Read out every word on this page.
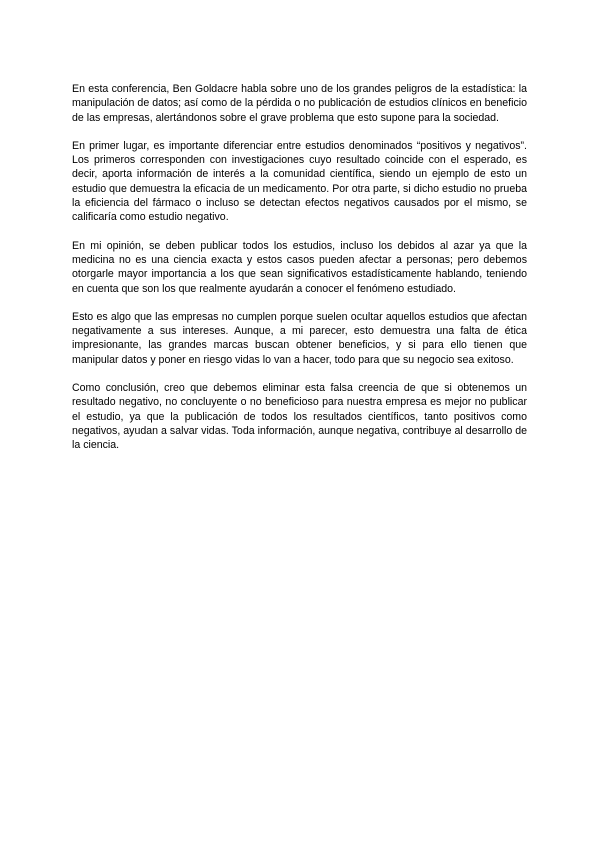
En esta conferencia, Ben Goldacre habla sobre uno de los grandes peligros de la estadística: la manipulación de datos; así como de la pérdida o no publicación de estudios clínicos en beneficio de las empresas, alertándonos sobre el grave problema que esto supone para la sociedad.

En primer lugar, es importante diferenciar entre estudios denominados “positivos y negativos”. Los primeros corresponden con investigaciones cuyo resultado coincide con el esperado, es decir, aporta información de interés a la comunidad científica, siendo un ejemplo de esto un estudio que demuestra la eficacia de un medicamento. Por otra parte, si dicho estudio no prueba la eficiencia del fármaco o incluso se detectan efectos negativos causados por el mismo, se calificaría como estudio negativo.

En mi opinión, se deben publicar todos los estudios, incluso los debidos al azar ya que la medicina no es una ciencia exacta y estos casos pueden afectar a personas; pero debemos otorgarle mayor importancia a los que sean significativos estadísticamente hablando, teniendo en cuenta que son los que realmente ayudarán a conocer el fenómeno estudiado.

Esto es algo que las empresas no cumplen porque suelen ocultar aquellos estudios que afectan negativamente a sus intereses. Aunque, a mi parecer, esto demuestra una falta de ética impresionante, las grandes marcas buscan obtener beneficios, y si para ello tienen que manipular datos y poner en riesgo vidas lo van a hacer, todo para que su negocio sea exitoso.

Como conclusión, creo que debemos eliminar esta falsa creencia de que si obtenemos un resultado negativo, no concluyente o no beneficioso para nuestra empresa es mejor no publicar el estudio, ya que la publicación de todos los resultados científicos, tanto positivos como negativos, ayudan a salvar vidas. Toda información, aunque negativa, contribuye al desarrollo de la ciencia.
